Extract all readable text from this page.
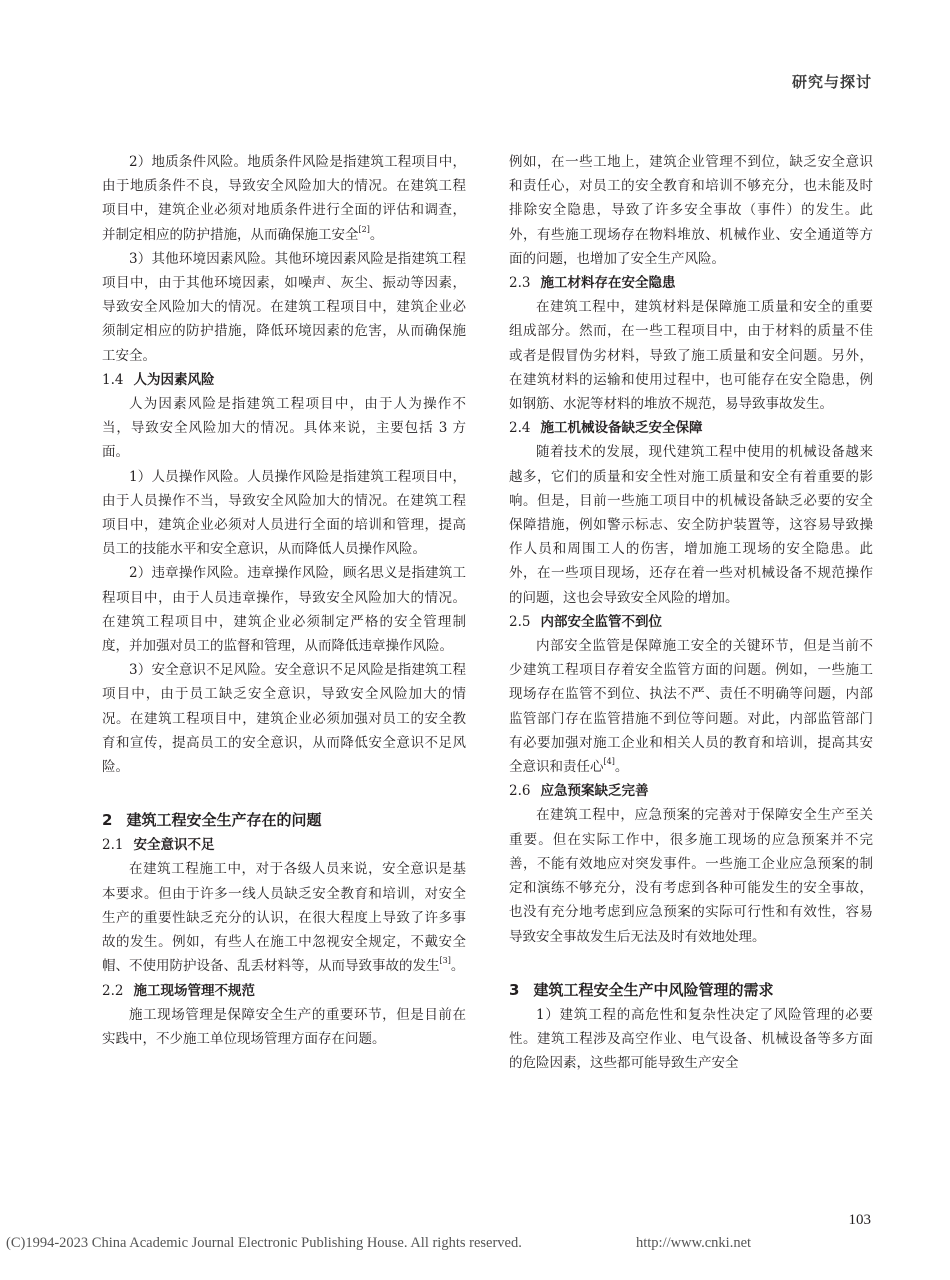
研究与探讨

2）地质条件风险。地质条件风险是指建筑工程项目中，由于地质条件不良，导致安全风险加大的情况。在建筑工程项目中，建筑企业必须对地质条件进行全面的评估和调查，并制定相应的防护措施，从而确保施工安全[2]。

3）其他环境因素风险。其他环境因素风险是指建筑工程项目中，由于其他环境因素，如噪声、灰尘、振动等因素，导致安全风险加大的情况。在建筑工程项目中，建筑企业必须制定相应的防护措施，降低环境因素的危害，从而确保施工安全。

1.4 人为因素风险

人为因素风险是指建筑工程项目中，由于人为操作不当，导致安全风险加大的情况。具体来说，主要包括 3 方面。

1）人员操作风险。人员操作风险是指建筑工程项目中，由于人员操作不当，导致安全风险加大的情况。在建筑工程项目中，建筑企业必须对人员进行全面的培训和管理，提高员工的技能水平和安全意识，从而降低人员操作风险。

2）违章操作风险。违章操作风险，顾名思义是指建筑工程项目中，由于人员违章操作，导致安全风险加大的情况。在建筑工程项目中，建筑企业必须制定严格的安全管理制度，并加强对员工的监督和管理，从而降低违章操作风险。

3）安全意识不足风险。安全意识不足风险是指建筑工程项目中，由于员工缺乏安全意识，导致安全风险加大的情况。在建筑工程项目中，建筑企业必须加强对员工的安全教育和宣传，提高员工的安全意识，从而降低安全意识不足风险。

2 建筑工程安全生产存在的问题
2.1 安全意识不足

在建筑工程施工中，对于各级人员来说，安全意识是基本要求。但由于许多一线人员缺乏安全教育和培训，对安全生产的重要性缺乏充分的认识，在很大程度上导致了许多事故的发生。例如，有些人在施工中忽视安全规定，不戴安全帽、不使用防护设备、乱丢材料等，从而导致事故的发生[3]。

2.2 施工现场管理不规范

施工现场管理是保障安全生产的重要环节，但是目前在实践中，不少施工单位现场管理方面存在问题。

例如，在一些工地上，建筑企业管理不到位，缺乏安全意识和责任心，对员工的安全教育和培训不够充分，也未能及时排除安全隐患，导致了许多安全事故（事件）的发生。此外，有些施工现场存在物料堆放、机械作业、安全通道等方面的问题，也增加了安全生产风险。

2.3 施工材料存在安全隐患

在建筑工程中，建筑材料是保障施工质量和安全的重要组成部分。然而，在一些工程项目中，由于材料的质量不佳或者是假冒伪劣材料，导致了施工质量和安全问题。另外，在建筑材料的运输和使用过程中，也可能存在安全隐患，例如钢筋、水泥等材料的堆放不规范，易导致事故发生。

2.4 施工机械设备缺乏安全保障

随着技术的发展，现代建筑工程中使用的机械设备越来越多，它们的质量和安全性对施工质量和安全有着重要的影响。但是，目前一些施工项目中的机械设备缺乏必要的安全保障措施，例如警示标志、安全防护装置等，这容易导致操作人员和周围工人的伤害，增加施工现场的安全隐患。此外，在一些项目现场，还存在着一些对机械设备不规范操作的问题，这也会导致安全风险的增加。

2.5 内部安全监管不到位

内部安全监管是保障施工安全的关键环节，但是当前不少建筑工程项目存着安全监管方面的问题。例如，一些施工现场存在监管不到位、执法不严、责任不明确等问题，内部监管部门存在监管措施不到位等问题。对此，内部监管部门有必要加强对施工企业和相关人员的教育和培训，提高其安全意识和责任心[4]。

2.6 应急预案缺乏完善

在建筑工程中，应急预案的完善对于保障安全生产至关重要。但在实际工作中，很多施工现场的应急预案并不完善，不能有效地应对突发事件。一些施工企业应急预案的制定和演练不够充分，没有考虑到各种可能发生的安全事故，也没有充分地考虑到应急预案的实际可行性和有效性，容易导致安全事故发生后无法及时有效地处理。

3 建筑工程安全生产中风险管理的需求

1）建筑工程的高危性和复杂性决定了风险管理的必要性。建筑工程涉及高空作业、电气设备、机械设备等多方面的危险因素，这些都可能导致生产安全

103
(C)1994-2023 China Academic Journal Electronic Publishing House. All rights reserved.	http://www.cnki.net
